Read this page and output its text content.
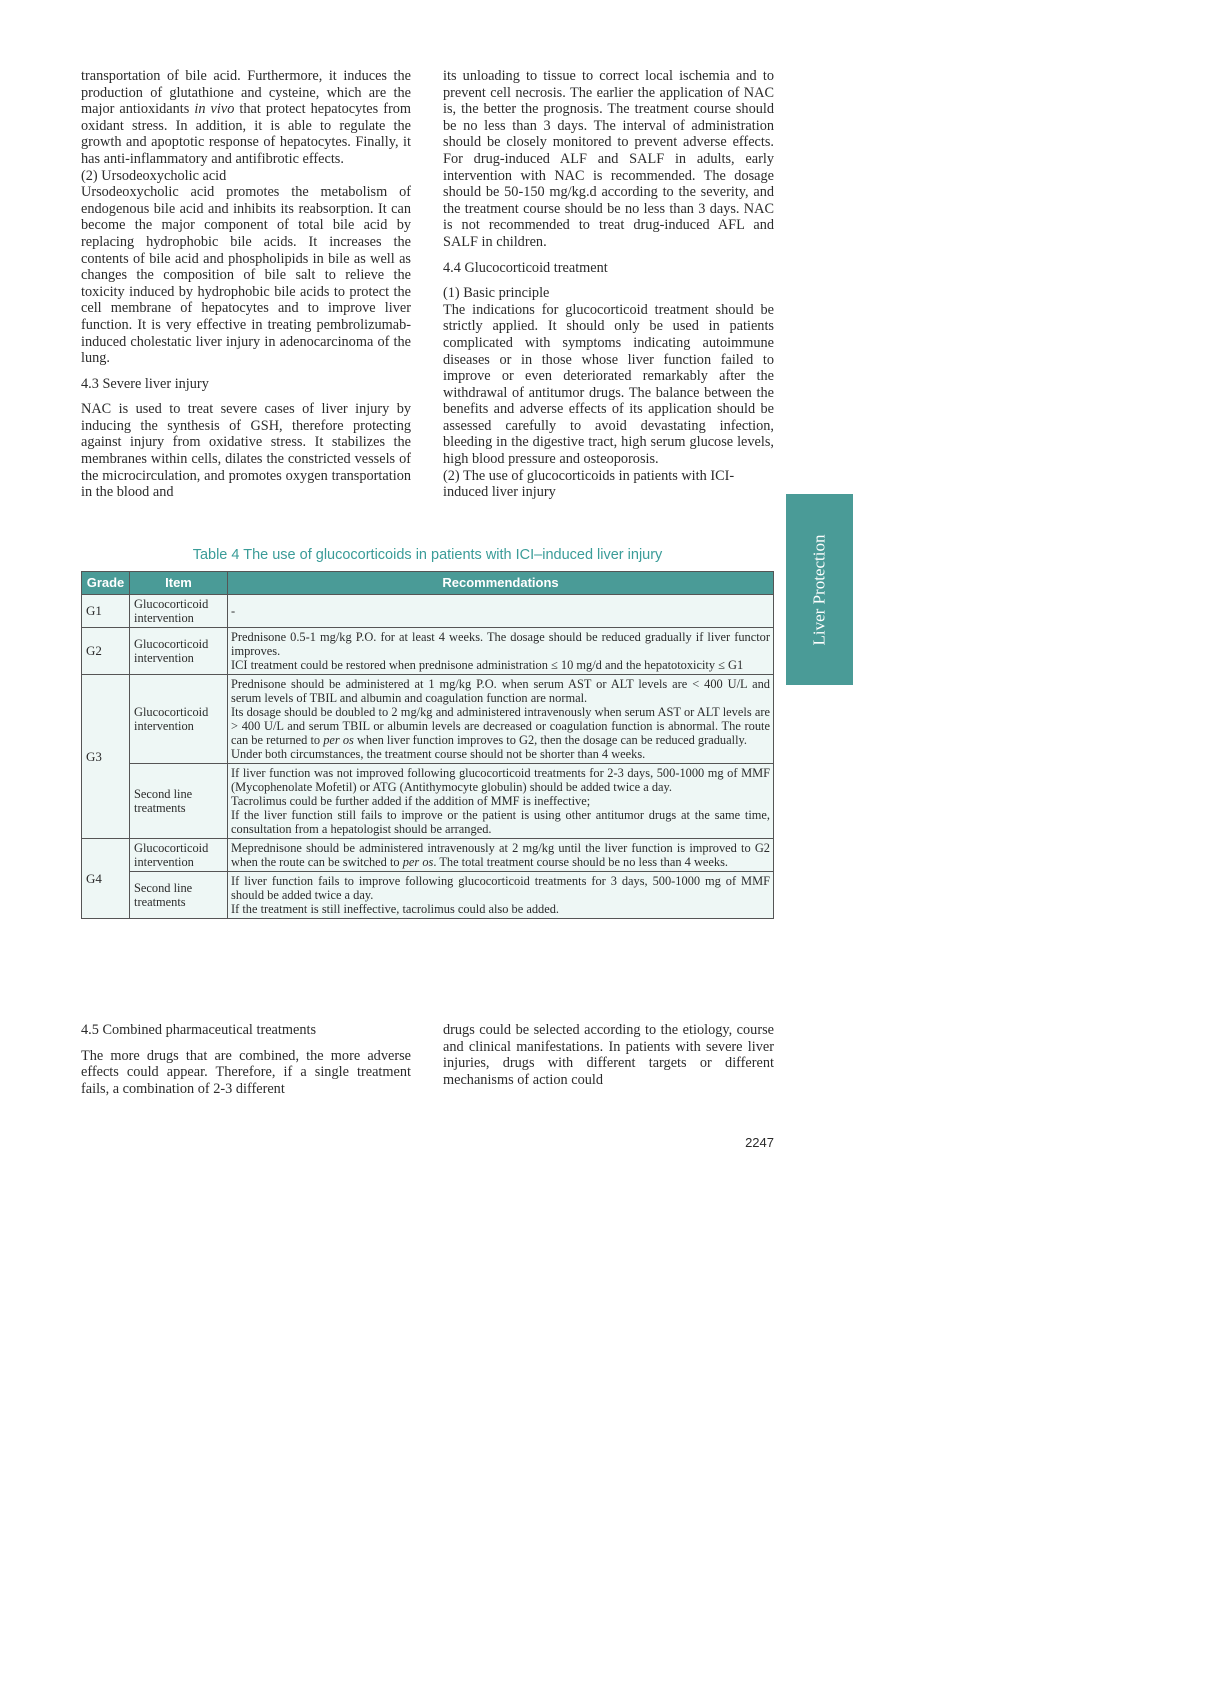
transportation of bile acid. Furthermore, it induces the production of glutathione and cysteine, which are the major antioxidants in vivo that protect hepatocytes from oxidant stress. In addition, it is able to regulate the growth and apoptotic response of hepatocytes. Finally, it has anti-inflammatory and antifibrotic effects.

(2) Ursodeoxycholic acid

Ursodeoxycholic acid promotes the metabolism of endogenous bile acid and inhibits its reabsorption. It can become the major component of total bile acid by replacing hydrophobic bile acids. It increases the contents of bile acid and phospholipids in bile as well as changes the composition of bile salt to relieve the toxicity induced by hydrophobic bile acids to protect the cell membrane of hepatocytes and to improve liver function. It is very effective in treating pembrolizumab-induced cholestatic liver injury in adenocarcinoma of the lung.

4.3 Severe liver injury

NAC is used to treat severe cases of liver injury by inducing the synthesis of GSH, therefore protecting against injury from oxidative stress. It stabilizes the membranes within cells, dilates the constricted vessels of the microcirculation, and promotes oxygen transportation in the blood and

its unloading to tissue to correct local ischemia and to prevent cell necrosis. The earlier the application of NAC is, the better the prognosis. The treatment course should be no less than 3 days. The interval of administration should be closely monitored to prevent adverse effects. For drug-induced ALF and SALF in adults, early intervention with NAC is recommended. The dosage should be 50-150 mg/kg.d according to the severity, and the treatment course should be no less than 3 days. NAC is not recommended to treat drug-induced AFL and SALF in children.

4.4 Glucocorticoid treatment

(1) Basic principle

The indications for glucocorticoid treatment should be strictly applied. It should only be used in patients complicated with symptoms indicating autoimmune diseases or in those whose liver function failed to improve or even deteriorated remarkably after the withdrawal of antitumor drugs. The balance between the benefits and adverse effects of its application should be assessed carefully to avoid devastating infection, bleeding in the digestive tract, high serum glucose levels, high blood pressure and osteoporosis.

(2) The use of glucocorticoids in patients with ICI-induced liver injury

Table 4 The use of glucocorticoids in patients with ICI–induced liver injury
Grade	Item	Recommendations
G1	Glucocorticoid intervention	-

G2	Glucocorticoid intervention	Prednisone 0.5-1 mg/kg P.O. for at least 4 weeks. The dosage should be reduced gradually if liver functor improves.
ICI treatment could be restored when prednisone administration ≤ 10 mg/d and the hepatotoxicity ≤ G1

G3	Glucocorticoid intervention	Prednisone should be administered at 1 mg/kg P.O. when serum AST or ALT levels are < 400 U/L and serum levels of TBIL and albumin and coagulation function are normal.
Its dosage should be doubled to 2 mg/kg and administered intravenously when serum AST or ALT levels are > 400 U/L and serum TBIL or albumin levels are decreased or coagulation function is abnormal. The route can be returned to per os when liver function improves to G2, then the dosage can be reduced gradually.
Under both circumstances, the treatment course should not be shorter than 4 weeks.

	Second line treatments	If liver function was not improved following glucocorticoid treatments for 2-3 days, 500-1000 mg of MMF (Mycophenolate Mofetil) or ATG (Antithymocyte globulin) should be added twice a day.
Tacrolimus could be further added if the addition of MMF is ineffective;
If the liver function still fails to improve or the patient is using other antitumor drugs at the same time, consultation from a hepatologist should be arranged.

G4	Glucocorticoid intervention	Meprednisone should be administered intravenously at 2 mg/kg until the liver function is improved to G2 when the route can be switched to per os. The total treatment course should be no less than 4 weeks.

	Second line treatments	If liver function fails to improve following glucocorticoid treatments for 3 days, 500-1000 mg of MMF should be added twice a day.
If the treatment is still ineffective, tacrolimus could also be added.

4.5 Combined pharmaceutical treatments

The more drugs that are combined, the more adverse effects could appear. Therefore, if a single treatment fails, a combination of 2-3 different

drugs could be selected according to the etiology, course and clinical manifestations. In patients with severe liver injuries, drugs with different targets or different mechanisms of action could

Liver Protection
2247
